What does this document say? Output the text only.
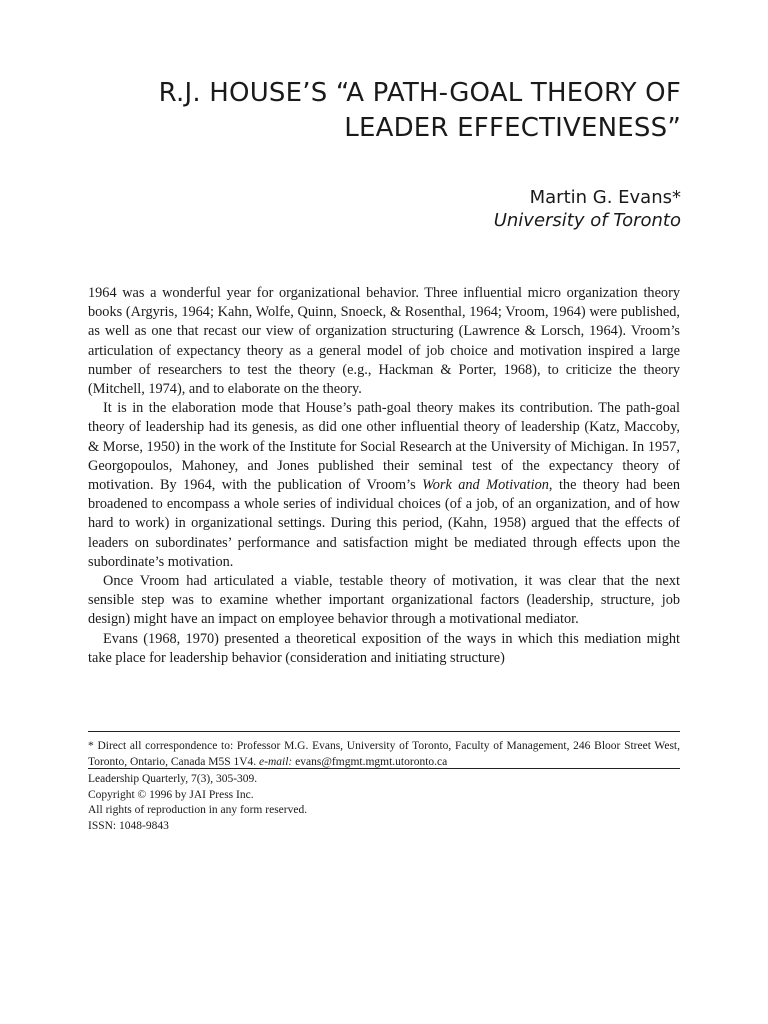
R.J. HOUSE’S “A PATH-GOAL THEORY OF
LEADER EFFECTIVENESS”
Martin G. Evans*
University of Toronto

1964 was a wonderful year for organizational behavior. Three influential micro organization theory books (Argyris, 1964; Kahn, Wolfe, Quinn, Snoeck, & Rosenthal, 1964; Vroom, 1964) were published, as well as one that recast our view of organization structuring (Lawrence & Lorsch, 1964). Vroom’s articulation of expectancy theory as a general model of job choice and motivation inspired a large number of researchers to test the theory (e.g., Hackman & Porter, 1968), to criticize the theory (Mitchell, 1974), and to elaborate on the theory.

It is in the elaboration mode that House’s path-goal theory makes its contribution. The path-goal theory of leadership had its genesis, as did one other influential theory of leadership (Katz, Maccoby, & Morse, 1950) in the work of the Institute for Social Research at the University of Michigan. In 1957, Georgopoulos, Mahoney, and Jones published their seminal test of the expectancy theory of motivation. By 1964, with the publication of Vroom’s Work and Motivation, the theory had been broadened to encompass a whole series of individual choices (of a job, of an organization, and of how hard to work) in organizational settings. During this period, (Kahn, 1958) argued that the effects of leaders on subordinates’ performance and satisfaction might be mediated through effects upon the subordinate’s motivation.

Once Vroom had articulated a viable, testable theory of motivation, it was clear that the next sensible step was to examine whether important organizational factors (leadership, structure, job design) might have an impact on employee behavior through a motivational mediator.

Evans (1968, 1970) presented a theoretical exposition of the ways in which this mediation might take place for leadership behavior (consideration and initiating structure)

* Direct all correspondence to: Professor M.G. Evans, University of Toronto, Faculty of Management, 246 Bloor Street West, Toronto, Ontario, Canada M5S 1V4. e-mail: evans@fmgmt.mgmt.utoronto.ca
Leadership Quarterly, 7(3), 305-309.
Copyright © 1996 by JAI Press Inc.
All rights of reproduction in any form reserved.
ISSN: 1048-9843
